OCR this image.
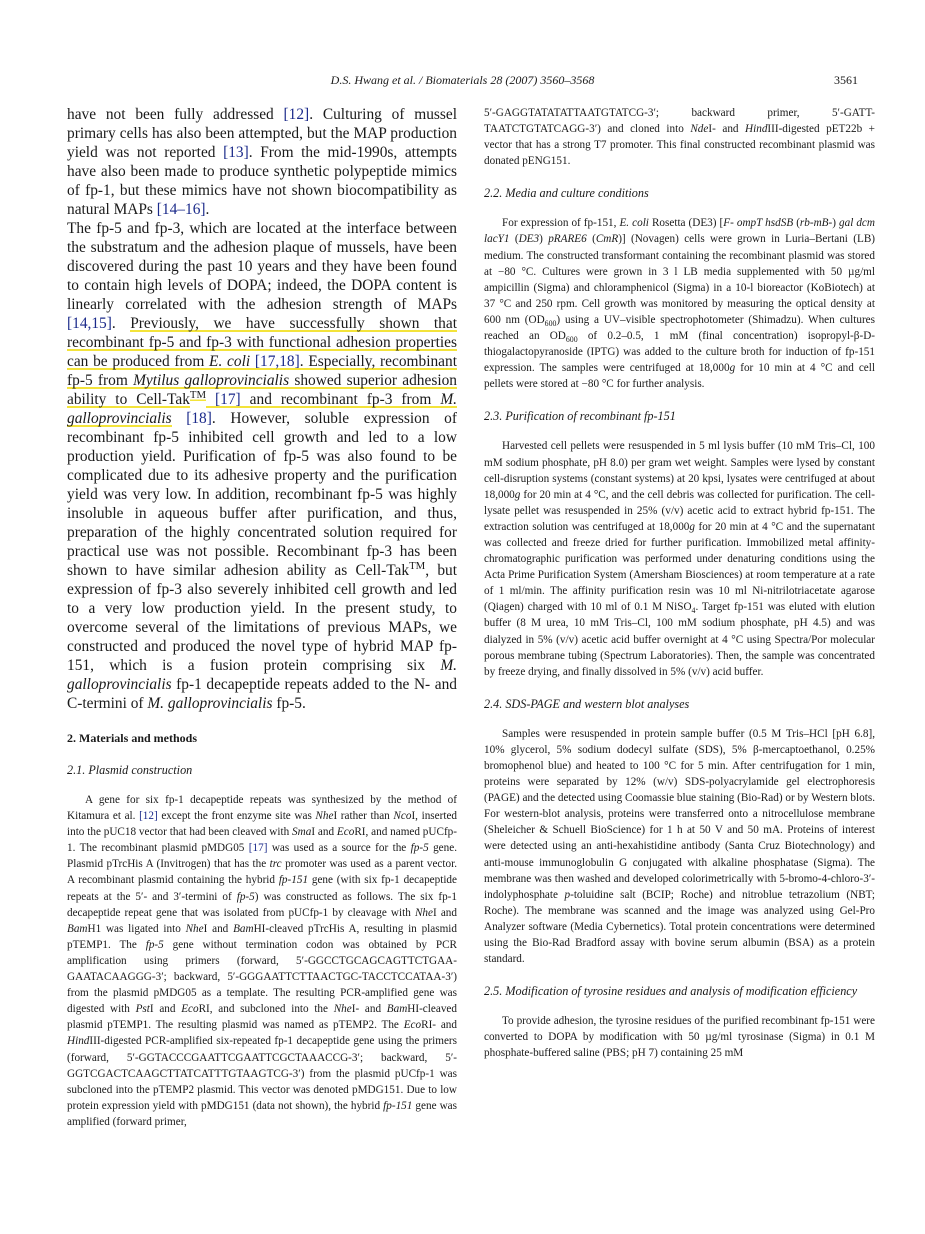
D.S. Hwang et al. / Biomaterials 28 (2007) 3560–3568	3561
have not been fully addressed [12]. Culturing of mussel primary cells has also been attempted, but the MAP production yield was not reported [13]. From the mid-1990s, attempts have also been made to produce synthetic polypeptide mimics of fp-1, but these mimics have not shown biocompatibility as natural MAPs [14–16].
The fp-5 and fp-3, which are located at the interface between the substratum and the adhesion plaque of mussels, have been discovered during the past 10 years and they have been found to contain high levels of DOPA; indeed, the DOPA content is linearly correlated with the adhesion strength of MAPs [14,15]. Previously, we have successfully shown that recombinant fp-5 and fp-3 with functional adhesion properties can be produced from E. coli [17,18]. Especially, recombinant fp-5 from Mytilus galloprovincialis showed superior adhesion ability to Cell-Tak™ [17] and recombinant fp-3 from M. galloprovincialis [18]. However, soluble expression of recombinant fp-5 inhibited cell growth and led to a low production yield. Purification of fp-5 was also found to be complicated due to its adhesive property and the purification yield was very low. In addition, recombinant fp-5 was highly insoluble in aqueous buffer after purification, and thus, preparation of the highly concentrated solution required for practical use was not possible. Recombinant fp-3 has been shown to have similar adhesion ability as Cell-Tak™, but expression of fp-3 also severely inhibited cell growth and led to a very low production yield. In the present study, to overcome several of the limitations of previous MAPs, we constructed and produced the novel type of hybrid MAP fp-151, which is a fusion protein comprising six M. galloprovincialis fp-1 decapeptide repeats added to the N- and C-termini of M. galloprovincialis fp-5.
2. Materials and methods
2.1. Plasmid construction
A gene for six fp-1 decapeptide repeats was synthesized by the method of Kitamura et al. [12] except the front enzyme site was NheI rather than NcoI, inserted into the pUC18 vector that had been cleaved with SmaI and EcoRI, and named pUCfp-1. The recombinant plasmid pMDG05 [17] was used as a source for the fp-5 gene. Plasmid pTrcHis A (Invitrogen) that has the trc promoter was used as a parent vector. A recombinant plasmid containing the hybrid fp-151 gene (with six fp-1 decapeptide repeats at the 5′- and 3′-termini of fp-5) was constructed as follows. The six fp-1 decapeptide repeat gene that was isolated from pUCfp-1 by cleavage with NheI and BamH1 was ligated into NheI and BamHI-cleaved pTrcHis A, resulting in plasmid pTEMP1. The fp-5 gene without termination codon was obtained by PCR amplification using primers (forward, 5′-GGCCTGCAGCAGTTCTGAA-GAATACAAGGG-3′; backward, 5′-GGGAATTCTTAACTGC-TACCTCCATAA-3′) from the plasmid pMDG05 as a template. The resulting PCR-amplified gene was digested with PstI and EcoRI, and subcloned into the NheI- and BamHI-cleaved plasmid pTEMP1. The resulting plasmid was named as pTEMP2. The EcoRI- and HindIII-digested PCR-amplified six-repeated fp-1 decapeptide gene using the primers (forward, 5′-GGTACCCGAATTCGAATTCGCTAAACCG-3′; backward, 5′-GGTCGACTCAAGCTTATCATTTGTAAGTCG-3′) from the plasmid pUCfp-1 was subcloned into the pTEMP2 plasmid. This vector was denoted pMDG151. Due to low protein expression yield with pMDG151 (data not shown), the hybrid fp-151 gene was amplified (forward primer,
5′-GAGGTATATATTAATGTATCG-3′; backward primer, 5′-GATT-TAATCTGTATCAGG-3′) and cloned into NdeI- and HindIII-digested pET22b + vector that has a strong T7 promoter. This final constructed recombinant plasmid was donated pENG151.
2.2. Media and culture conditions
For expression of fp-151, E. coli Rosetta (DE3) [F- ompT hsdSB (rb-mB-) gal dcm lacY1 (DE3) pRARE6 (CmR)] (Novagen) cells were grown in Luria–Bertani (LB) medium. The constructed transformant containing the recombinant plasmid was stored at −80 °C. Cultures were grown in 3 l LB media supplemented with 50 µg/ml ampicillin (Sigma) and chloramphenicol (Sigma) in a 10-l bioreactor (KoBiotech) at 37 °C and 250 rpm. Cell growth was monitored by measuring the optical density at 600 nm $(OD_{600})$ using a UV–visible spectrophotometer (Shimadzu). When cultures reached an $OD_{600}$ of 0.2–0.5, 1 mM (final concentration) isopropyl-β-D-thiogalactopyranoside (IPTG) was added to the culture broth for induction of fp-151 expression. The samples were centrifuged at 18,000g for 10 min at 4 °C and cell pellets were stored at −80 °C for further analysis.
2.3. Purification of recombinant fp-151
Harvested cell pellets were resuspended in 5 ml lysis buffer (10 mM Tris–Cl, 100 mM sodium phosphate, pH 8.0) per gram wet weight. Samples were lysed by constant cell-disruption systems (constant systems) at 20 kpsi, lysates were centrifuged at about 18,000g for 20 min at 4 °C, and the cell debris was collected for purification. The cell-lysate pellet was resuspended in 25% (v/v) acetic acid to extract hybrid fp-151. The extraction solution was centrifuged at 18,000g for 20 min at 4 °C and the supernatant was collected and freeze dried for further purification. Immobilized metal affinity-chromatographic purification was performed under denaturing conditions using the Acta Prime Purification System (Amersham Biosciences) at room temperature at a rate of 1 ml/min. The affinity purification resin was 10 ml Ni-nitrilotriacetate agarose (Qiagen) charged with 10 ml of 0.1 M NiSO$_4$. Target fp-151 was eluted with elution buffer (8 M urea, 10 mM Tris–Cl, 100 mM sodium phosphate, pH 4.5) and was dialyzed in 5% (v/v) acetic acid buffer overnight at 4 °C using Spectra/Por molecular porous membrane tubing (Spectrum Laboratories). Then, the sample was concentrated by freeze drying, and finally dissolved in 5% (v/v) acid buffer.
2.4. SDS-PAGE and western blot analyses
Samples were resuspended in protein sample buffer (0.5 M Tris–HCl [pH 6.8], 10% glycerol, 5% sodium dodecyl sulfate (SDS), 5% β-mercaptoethanol, 0.25% bromophenol blue) and heated to 100 °C for 5 min. After centrifugation for 1 min, proteins were separated by 12% (w/v) SDS-polyacrylamide gel electrophoresis (PAGE) and the detected using Coomassie blue staining (Bio-Rad) or by Western blots. For western-blot analysis, proteins were transferred onto a nitrocellulose membrane (Sheleicher & Schuell BioScience) for 1 h at 50 V and 50 mA. Proteins of interest were detected using an anti-hexahistidine antibody (Santa Cruz Biotechnology) and anti-mouse immunoglobulin G conjugated with alkaline phosphatase (Sigma). The membrane was then washed and developed colorimetrically with 5-bromo-4-chloro-3′-indolyphosphate p-toluidine salt (BCIP; Roche) and nitroblue tetrazolium (NBT; Roche). The membrane was scanned and the image was analyzed using Gel-Pro Analyzer software (Media Cybernetics). Total protein concentrations were determined using the Bio-Rad Bradford assay with bovine serum albumin (BSA) as a protein standard.
2.5. Modification of tyrosine residues and analysis of modification efficiency
To provide adhesion, the tyrosine residues of the purified recombinant fp-151 were converted to DOPA by modification with 50 µg/ml tyrosinase (Sigma) in 0.1 M phosphate-buffered saline (PBS; pH 7) containing 25 mM
